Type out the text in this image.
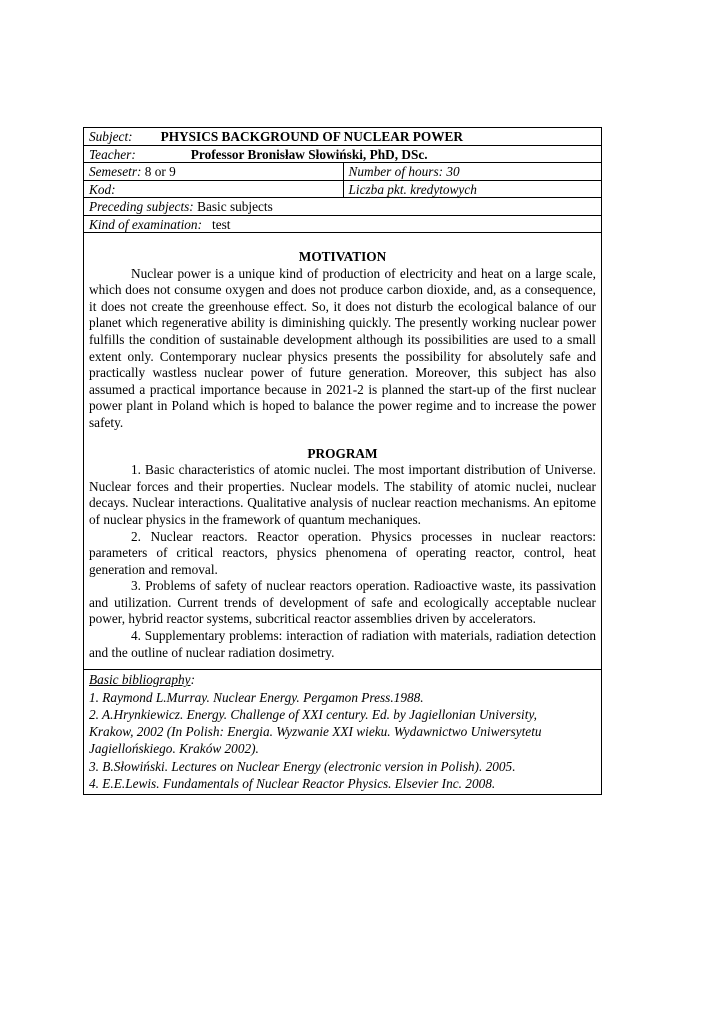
Subject: PHYSICS BACKGROUND OF NUCLEAR POWER
Teacher:	Professor Bronisław Słowiński, PhD, DSc.
Semesetr: 8 or 9	Number of hours: 30
Kod:	Liczba pkt. kredytowych
Preceding subjects: Basic subjects
Kind of examination: test
MOTIVATION

Nuclear power is a unique kind of production of electricity and heat on a large scale, which does not consume oxygen and does not produce carbon dioxide, and, as a consequence, it does not create the greenhouse effect. So, it does not disturb the ecological balance of our planet which regenerative ability is diminishing quickly. The presently working nuclear power fulfills the condition of sustainable development although its possibilities are used to a small extent only. Contemporary nuclear physics presents the possibility for absolutely safe and practically wastless nuclear power of future generation. Moreover, this subject has also assumed a practical importance because in 2021-2 is planned the start-up of the first nuclear power plant in Poland which is hoped to balance the power regime and to increase the power safety.

PROGRAM

1. Basic characteristics of atomic nuclei. The most important distribution of Universe. Nuclear forces and their properties. Nuclear models. The stability of atomic nuclei, nuclear decays. Nuclear interactions. Qualitative analysis of nuclear reaction mechanisms. An epitome of nuclear physics in the framework of quantum mechaniques.

2. Nuclear reactors. Reactor operation. Physics processes in nuclear reactors: parameters of critical reactors, physics phenomena of operating reactor, control, heat generation and removal.

3. Problems of safety of nuclear reactors operation. Radioactive waste, its passivation and utilization. Current trends of development of safe and ecologically acceptable nuclear power, hybrid reactor systems, subcritical reactor assemblies driven by accelerators.

4. Supplementary problems: interaction of radiation with materials, radiation detection and the outline of nuclear radiation dosimetry.

Basic bibliography:
1. Raymond L.Murray. Nuclear Energy. Pergamon Press.1988.
2. A.Hrynkiewicz. Energy. Challenge of XXI century. Ed. by Jagiellonian University,
Krakow, 2002 (In Polish: Energia. Wyzwanie XXI wieku. Wydawnictwo Uniwersytetu
Jagiellońskiego. Kraków 2002).
3. B.Słowiński. Lectures on Nuclear Energy (electronic version in Polish). 2005.
4. E.E.Lewis. Fundamentals of Nuclear Reactor Physics. Elsevier Inc. 2008.
